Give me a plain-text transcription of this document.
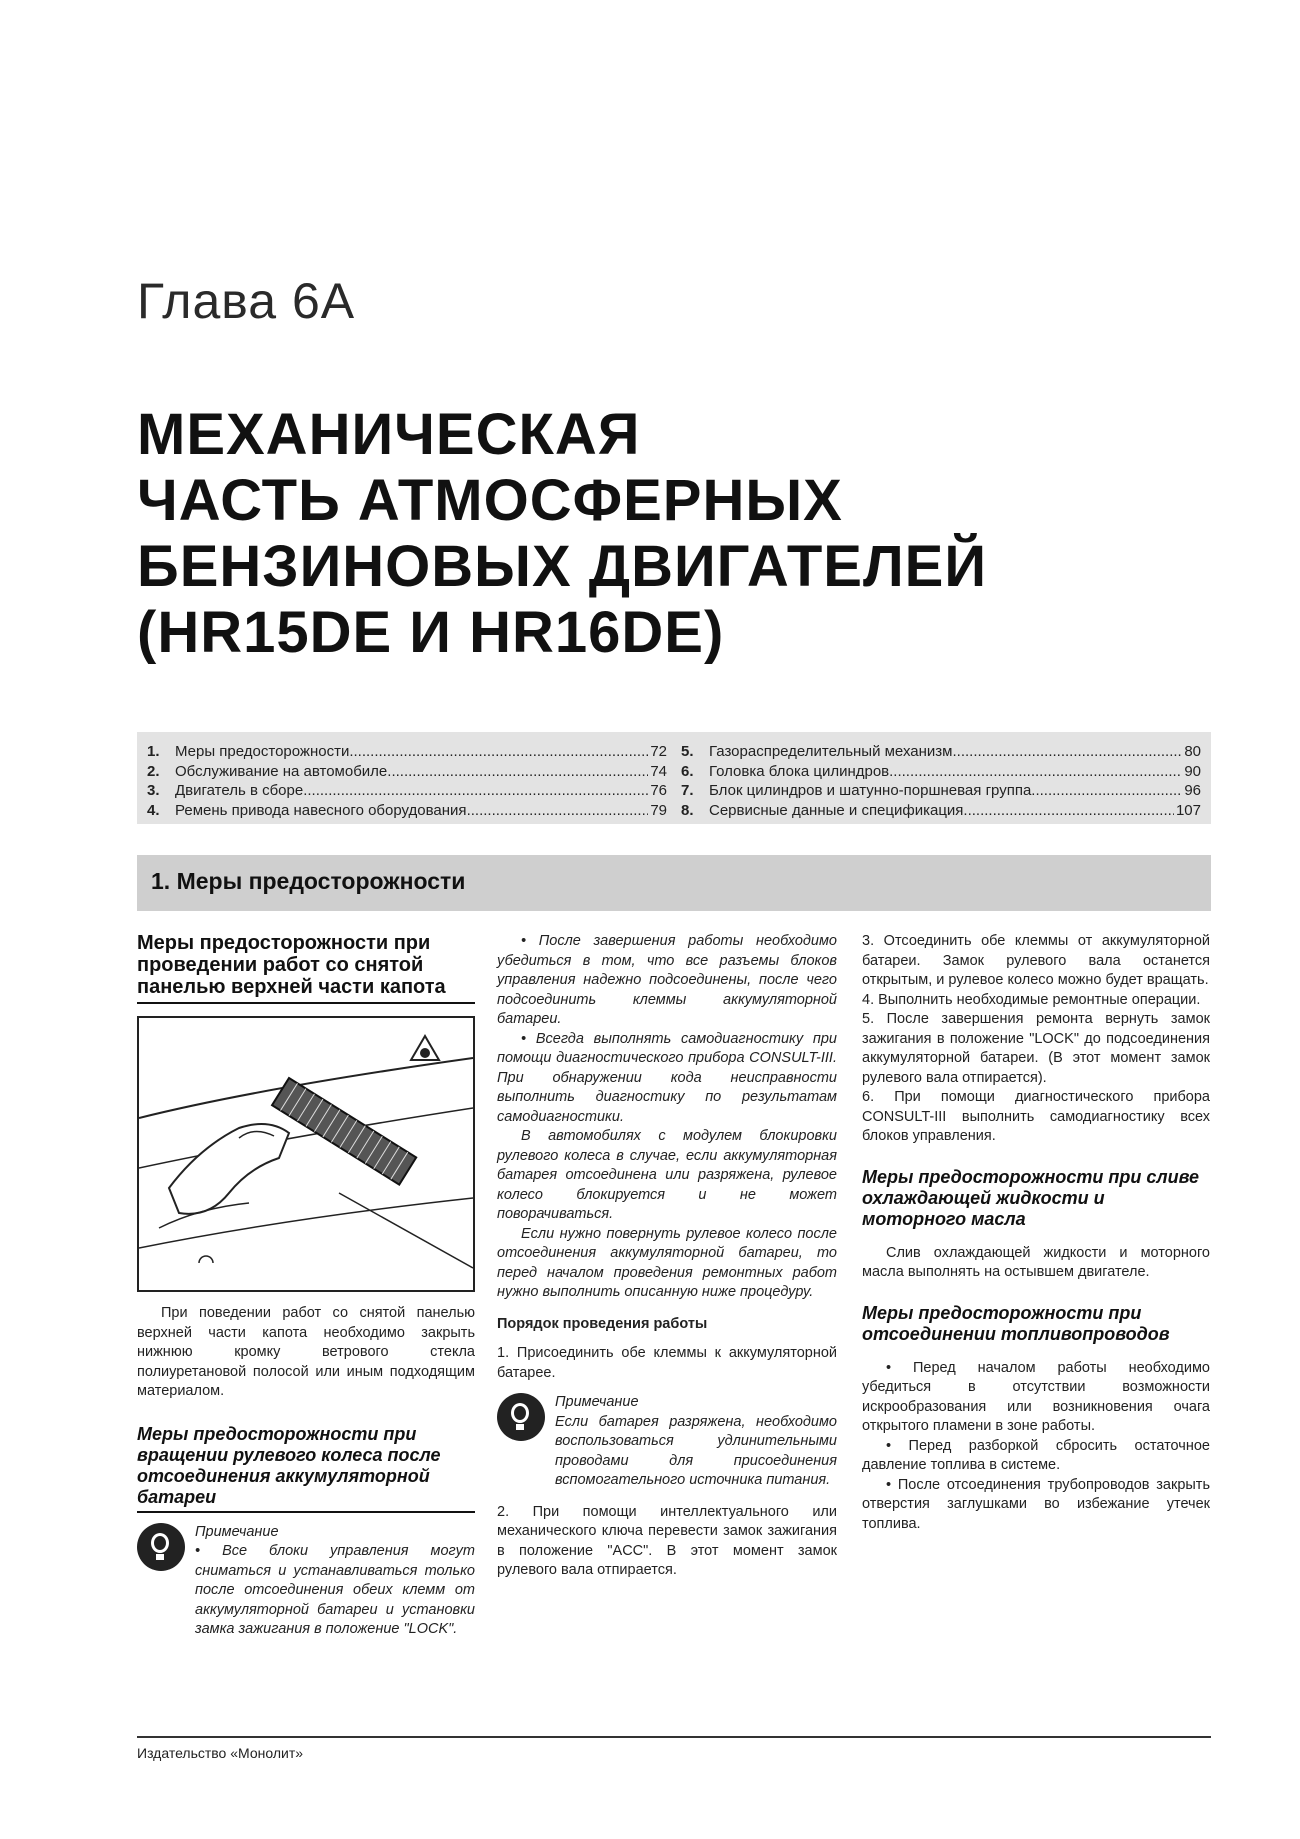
Глава 6А
МЕХАНИЧЕСКАЯ
ЧАСТЬ АТМОСФЕРНЫХ
БЕНЗИНОВЫХ ДВИГАТЕЛЕЙ
(HR15DE И HR16DE)
1.	Меры предосторожности .....	72
2.	Обслуживание на автомобиле .....	74
3.	Двигатель в сборе .....	76
4.	Ремень привода навесного оборудования .....	79
5.	Газораспределительный механизм .....	80
6.	Головка блока цилиндров .....	90
7.	Блок цилиндров и шатунно-поршневая группа .....	96
8.	Сервисные данные и спецификация .....	107
1. Меры предосторожности
Меры предосторожности при проведении работ со снятой панелью верхней части капота

При поведении работ со снятой панелью верхней части капота необходимо закрыть нижнюю кромку ветрового стекла полиуретановой полосой или иным подходящим материалом.

Меры предосторожности при вращении рулевого колеса после отсоединения аккумуляторной батареи
Примечание

• Все блоки управления могут сниматься и устанавливаться только после отсоединения обеих клемм от аккумуляторной батареи и установки замка зажигания в положение "LOCK".

• После завершения работы необходимо убедиться в том, что все разъемы блоков управления надежно подсоединены, после чего подсоединить клеммы аккумуляторной батареи.

• Всегда выполнять самодиагностику при помощи диагностического прибора CONSULT-III. При обнаружении кода неисправности выполнить диагностику по результатам самодиагностики.

В автомобилях с модулем блокировки рулевого колеса в случае, если аккумуляторная батарея отсоединена или разряжена, рулевое колесо блокируется и не может поворачиваться.

Если нужно повернуть рулевое колесо после отсоединения аккумуляторной батареи, то перед началом проведения ремонтных работ нужно выполнить описанную ниже процедуру.

Порядок проведения работы

1. Присоединить обе клеммы к аккумуляторной батарее.

Примечание

Если батарея разряжена, необходимо воспользоваться удлинительными проводами для присоединения вспомогательного источника питания.

2. При помощи интеллектуального или механического ключа перевести замок зажигания в положение "ACC". В этот момент замок рулевого вала отпирается.

3. Отсоединить обе клеммы от аккумуляторной батареи. Замок рулевого вала останется открытым, и рулевое колесо можно будет вращать.

4. Выполнить необходимые ремонтные операции.

5. После завершения ремонта вернуть замок зажигания в положение "LOCK" до подсоединения аккумуляторной батареи. (В этот момент замок рулевого вала отпирается).

6. При помощи диагностического прибора CONSULT-III выполнить самодиагностику всех блоков управления.

Меры предосторожности при сливе охлаждающей жидкости и моторного масла

Слив охлаждающей жидкости и моторного масла выполнять на остывшем двигателе.

Меры предосторожности при отсоединении топливопроводов

• Перед началом работы необходимо убедиться в отсутствии возможности искрообразования или возникновения очага открытого пламени в зоне работы.

• Перед разборкой сбросить остаточное давление топлива в системе.

• После отсоединения трубопроводов закрыть отверстия заглушками во избежание утечек топлива.

Издательство «Монолит»
